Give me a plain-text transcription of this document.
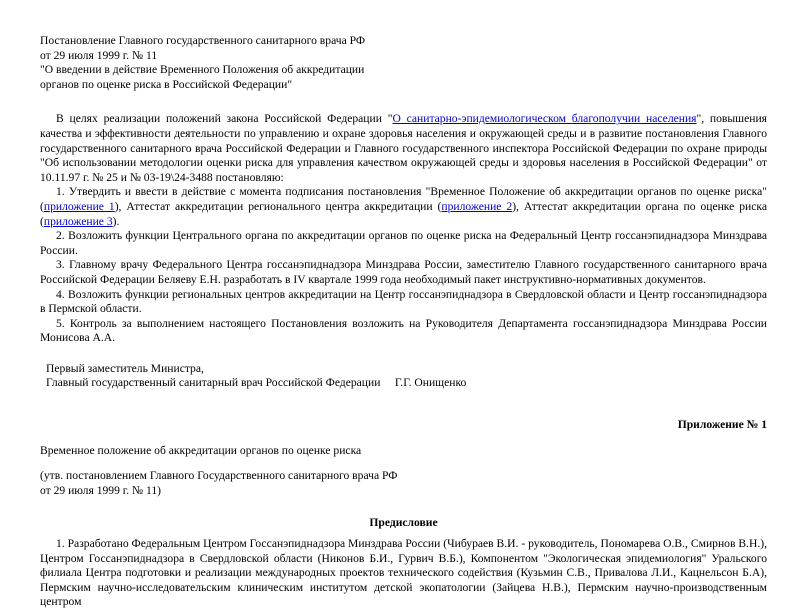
Постановление Главного государственного санитарного врача РФ
от 29 июля 1999 г. № 11
"О введении в действие Временного Положения об аккредитации
органов по оценке риска в Российской Федерации"

В целях реализации положений закона Российской Федерации "О санитарно-эпидемиологическом благополучии населения", повышения качества и эффективности деятельности по управлению и охране здоровья населения и окружающей среды и в развитие постановления Главного государственного санитарного врача Российской Федерации и Главного государственного инспектора Российской Федерации по охране природы "Об использовании методологии оценки риска для управления качеством окружающей среды и здоровья населения в Российской Федерации" от 10.11.97 г. № 25 и № 03-19\24-3488 постановляю:

1. Утвердить и ввести в действие с момента подписания постановления "Временное Положение об аккредитации органов по оценке риска" (приложение 1), Аттестат аккредитации регионального центра аккредитации (приложение 2), Аттестат аккредитации органа по оценке риска (приложение 3).

2. Возложить функции Центрального органа по аккредитации органов по оценке риска на Федеральный Центр госсанэпиднадзора Минздрава России.

3. Главному врачу Федерального Центра госсанэпиднадзора Минздрава России, заместителю Главного государственного санитарного врача Российской Федерации Беляеву Е.Н. разработать в IV квартале 1999 года необходимый пакет инструктивно-нормативных документов.

4. Возложить функции региональных центров аккредитации на Центр госсанэпиднадзора в Свердловской области и Центр госсанэпиднадзора в Пермской области.

5. Контроль за выполнением настоящего Постановления возложить на Руководителя Департамента госсанэпиднадзора Минздрава России Монисова А.А.

Первый заместитель Министра,
Главный государственный санитарный врач Российской Федерации     Г.Г. Онищенко
Приложение № 1
Временное положение об аккредитации органов по оценке риска
(утв. постановлением Главного Государственного санитарного врача РФ
от 29 июля 1999 г. № 11)
Предисловие

1. Разработано Федеральным Центром Госсанэпиднадзора Минздрава России (Чибураев В.И. - руководитель, Пономарева О.В., Смирнов В.Н.), Центром Госсанэпиднадзора в Свердловской области (Никонов Б.И., Гурвич В.Б.), Компонентом "Экологическая эпидемиология" Уральского филиала Центра подготовки и реализации международных проектов технического содействия (Кузьмин С.В., Привалова Л.И., Кацнельсон Б.А), Пермским научно-исследовательским клиническим институтом детской экопатологии (Зайцева Н.В.), Пермским научно-производственным центром
